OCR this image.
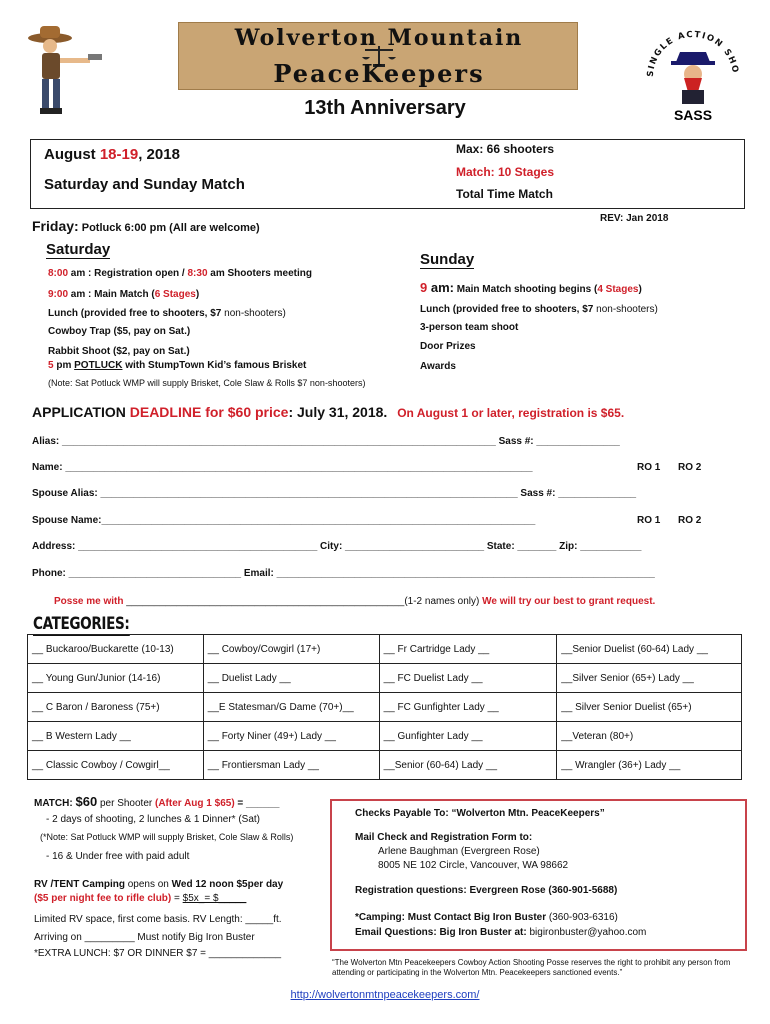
Wolverton Mountain
PeaceKeepers	SINGLE ACTION SHO
SASS
13th Anniversary
August 18-19, 2018
Saturday and Sunday Match
Max: 66 shooters
Match: 10 Stages
Total Time Match
REV: Jan 2018
Friday: Potluck 6:00 pm (All are welcome)
Saturday
8:00 am : Registration open / 8:30 am Shooters meeting
9:00 am : Main Match (6 Stages)
Lunch (provided free to shooters, $7 non-shooters)
Cowboy Trap ($5, pay on Sat.)
Rabbit Shoot ($2, pay on Sat.)
5 pm POTLUCK with StumpTown Kid’s famous Brisket
(Note: Sat Potluck WMP will supply Brisket, Cole Slaw & Rolls $7 non-shooters)
Sunday
9 am: Main Match shooting begins (4 Stages)
Lunch (provided free to shooters, $7 non-shooters)
3-person team shoot
Door Prizes
Awards
APPLICATION DEADLINE for $60 price: July 31, 2018. On August 1 or later, registration is $65.
Alias: ______________________________________________________________________________ Sass #: _______________
Name: ____________________________________________________________________________________	RO 1 RO 2
Spouse Alias: ___________________________________________________________________________ Sass #: ______________
Spouse Name:______________________________________________________________________________	RO 1 RO 2
Address: ___________________________________________ City: _________________________ State: _______ Zip: ___________
Phone: _______________________________ Email: ____________________________________________________________________
Posse me with __________________________________________________(1-2 names only) We will try our best to grant request.
CATEGORIES:
__ Buckaroo/Buckarette (10-13)	__ Cowboy/Cowgirl (17+)	__ Fr Cartridge Lady __	__Senior Duelist (60-64) Lady __
__ Young Gun/Junior (14-16)	__ Duelist Lady __	__ FC Duelist Lady __	__Silver Senior (65+) Lady __
__ C Baron / Baroness (75+)	__E Statesman/G Dame (70+)__	__ FC Gunfighter Lady __	__ Silver Senior Duelist (65+)
__ B Western Lady __	__ Forty Niner (49+) Lady __	__ Gunfighter Lady __	__Veteran (80+)
__ Classic Cowboy / Cowgirl__	__ Frontiersman Lady __	__Senior (60-64) Lady __	__ Wrangler (36+) Lady __
MATCH: $60 per Shooter (After Aug 1 $65) = ______
- 2 days of shooting, 2 lunches & 1 Dinner* (Sat)
(*Note: Sat Potluck WMP will supply Brisket, Cole Slaw & Rolls)
- 16 & Under free with paid adult
RV /TENT Camping opens on Wed 12 noon $5per day
($5 per night fee to rifle club) = $5x_= $_____
Limited RV space, first come basis. RV Length: _____ft.
Arriving on _________ Must notify Big Iron Buster
*EXTRA LUNCH: $7 OR DINNER $7 = _____________
Checks Payable To: “Wolverton Mtn. PeaceKeepers”
Mail Check and Registration Form to:
Arlene Baughman (Evergreen Rose)
8005 NE 102 Circle, Vancouver, WA 98662
Registration questions: Evergreen Rose (360-901-5688)
*Camping: Must Contact Big Iron Buster (360-903-6316)
Email Questions: Big Iron Buster at: bigironbuster@yahoo.com
“The Wolverton Mtn Peacekeepers Cowboy Action Shooting Posse reserves the right to prohibit any person from attending or participating in the Wolverton Mtn. Peacekeepers sanctioned events.”
http://wolvertonmtnpeacekeepers.com/
